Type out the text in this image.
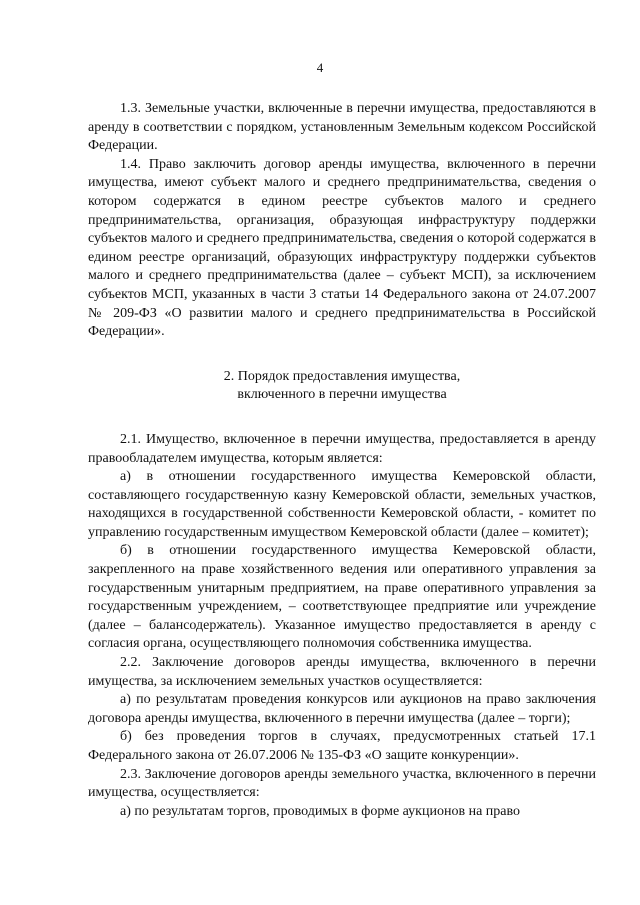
4

1.3. Земельные участки, включенные в перечни имущества, предоставляются в аренду в соответствии с порядком, установленным Земельным кодексом Российской Федерации.

1.4. Право заключить договор аренды имущества, включенного в перечни имущества, имеют субъект малого и среднего предпринимательства, сведения о котором содержатся в едином реестре субъектов малого и среднего предпринимательства, организация, образующая инфраструктуру поддержки субъектов малого и среднего предпринимательства, сведения о которой содержатся в едином реестре организаций, образующих инфраструктуру поддержки субъектов малого и среднего предпринимательства (далее – субъект МСП), за исключением субъектов МСП, указанных в части 3 статьи 14 Федерального закона от 24.07.2007 № 209-ФЗ «О развитии малого и среднего предпринимательства в Российской Федерации».

2. Порядок предоставления имущества,
включенного в перечни имущества

2.1. Имущество, включенное в перечни имущества, предоставляется в аренду правообладателем имущества, которым является:

а) в отношении государственного имущества Кемеровской области, составляющего государственную казну Кемеровской области, земельных участков, находящихся в государственной собственности Кемеровской области, - комитет по управлению государственным имуществом Кемеровской области (далее – комитет);

б) в отношении государственного имущества Кемеровской области, закрепленного на праве хозяйственного ведения или оперативного управления за государственным унитарным предприятием, на праве оперативного управления за государственным учреждением, – соответствующее предприятие или учреждение (далее – балансодержатель). Указанное имущество предоставляется в аренду с согласия органа, осуществляющего полномочия собственника имущества.

2.2. Заключение договоров аренды имущества, включенного в перечни имущества, за исключением земельных участков осуществляется:

а) по результатам проведения конкурсов или аукционов на право заключения договора аренды имущества, включенного в перечни имущества (далее – торги);

б) без проведения торгов в случаях, предусмотренных статьей 17.1 Федерального закона от 26.07.2006 № 135-ФЗ «О защите конкуренции».

2.3. Заключение договоров аренды земельного участка, включенного в перечни имущества, осуществляется:

а) по результатам торгов, проводимых в форме аукционов на право
